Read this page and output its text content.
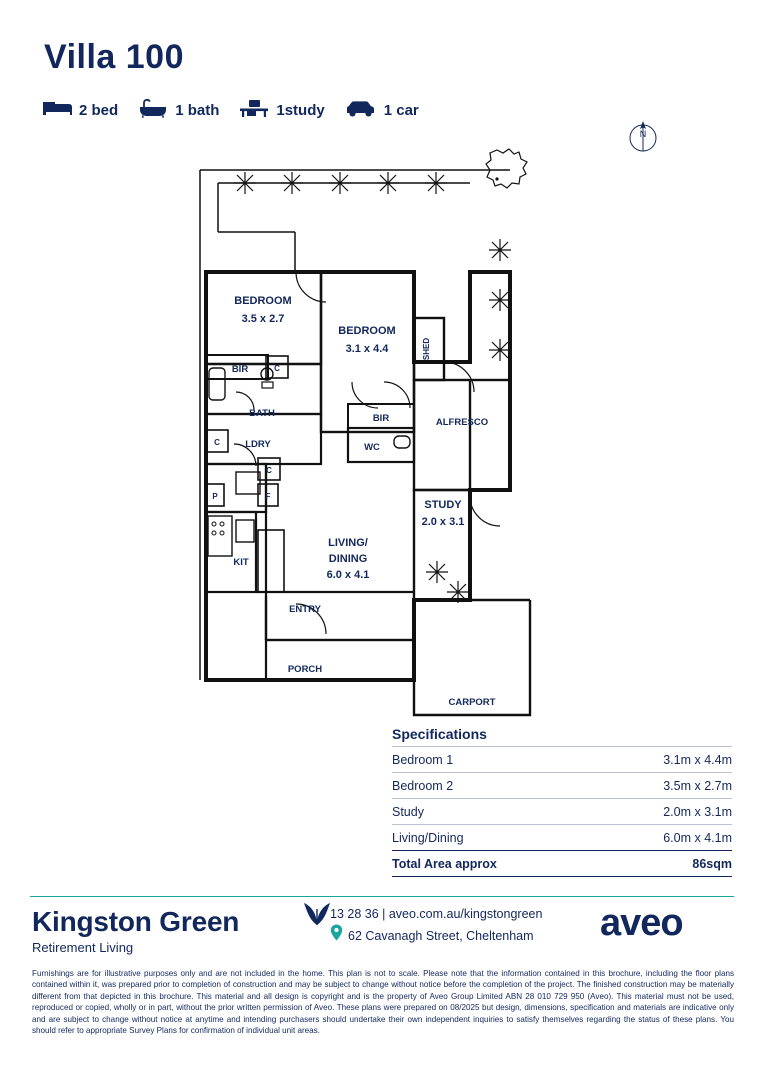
Villa 100
2 bed	1 bath	1study	1 car
N
BEDROOM
3.5 x 2.7
BEDROOM
3.1 x 4.4	SHED
BIR
BIR
BATH
LDRY	WC
ALFRESCO
STUDY
2.0 x 3.1
LIVING/
DINING
6.0 x 4.1
KIT
ENTRY
PORCH
CARPORT
C
C
C
P	F
Specifications
Bedroom 1	3.1m x 4.4m
Bedroom 2	3.5m x 2.7m
Study	2.0m x 3.1m
Living/Dining	6.0m x 4.1m
Total Area approx	86sqm
Kingston Green
Retirement Living
13 28 36 | aveo.com.au/kingstongreen
62 Cavanagh Street, Cheltenham aveo
Furnishings are for illustrative purposes only and are not included in the home. This plan is not to scale. Please note that the information contained in this brochure, including the floor plans contained within it, was prepared prior to completion of construction and may be subject to change without notice before the completion of the project. The finished construction may be materially different from that depicted in this brochure. This material and all design is copyright and is the property of Aveo Group Limited ABN 28 010 729 950 (Aveo). This material must not be used, reproduced or copied, wholly or in part, without the prior written permission of Aveo. These plans were prepared on 08/2025 but design, dimensions, specification and materials are indicative only and are subject to change without notice at anytime and intending purchasers should undertake their own independent inquiries to satisfy themselves regarding the status of these plans. You should refer to appropriate Survey Plans for confirmation of individual unit areas.
